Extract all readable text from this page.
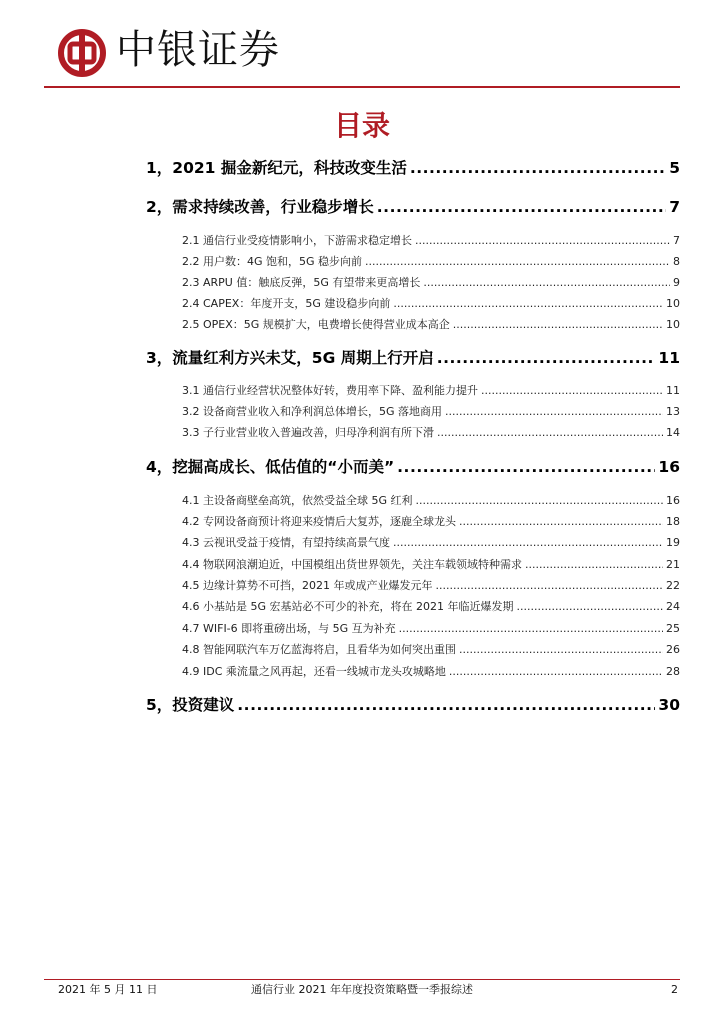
中银证券
目录
1，2021 掘金新纪元，科技改变生活 .....	5
2，需求持续改善，行业稳步增长 .....	7
2.1 通信行业受疫情影响小，下游需求稳定增长 .....	7
2.2 用户数：4G 饱和，5G 稳步向前 .....	8
2.3 ARPU 值：触底反弹，5G 有望带来更高增长 .....	9
2.4 CAPEX：年度开支，5G 建设稳步向前 .....	10
2.5 OPEX：5G 规模扩大，电费增长使得营业成本高企 .....	10
3，流量红利方兴未艾，5G 周期上行开启 .....	11
3.1 通信行业经营状况整体好转，费用率下降、盈利能力提升 .....	11
3.2 设备商营业收入和净利润总体增长，5G 落地商用 .....	13
3.3 子行业营业收入普遍改善，归母净利润有所下滑 .....	14
4，挖掘高成长、低估值的“小而美” .....	16
4.1 主设备商壁垒高筑，依然受益全球 5G 红利 .....	16
4.2 专网设备商预计将迎来疫情后大复苏，逐鹿全球龙头 .....	18
4.3 云视讯受益于疫情，有望持续高景气度 .....	19
4.4 物联网浪潮迫近，中国模组出货世界领先，关注车载领域特种需求 .....	21
4.5 边缘计算势不可挡，2021 年或成产业爆发元年 .....	22
4.6 小基站是 5G 宏基站必不可少的补充，将在 2021 年临近爆发期 .....	24
4.7 WIFI-6 即将重磅出场，与 5G 互为补充 .....	25
4.8 智能网联汽车万亿蓝海将启，且看华为如何突出重围 .....	26
4.9 IDC 乘流量之风再起，还看一线城市龙头攻城略地 .....	28
5，投资建议 .....	30
2021 年 5 月 11 日	通信行业 2021 年年度投资策略暨一季报综述	2
